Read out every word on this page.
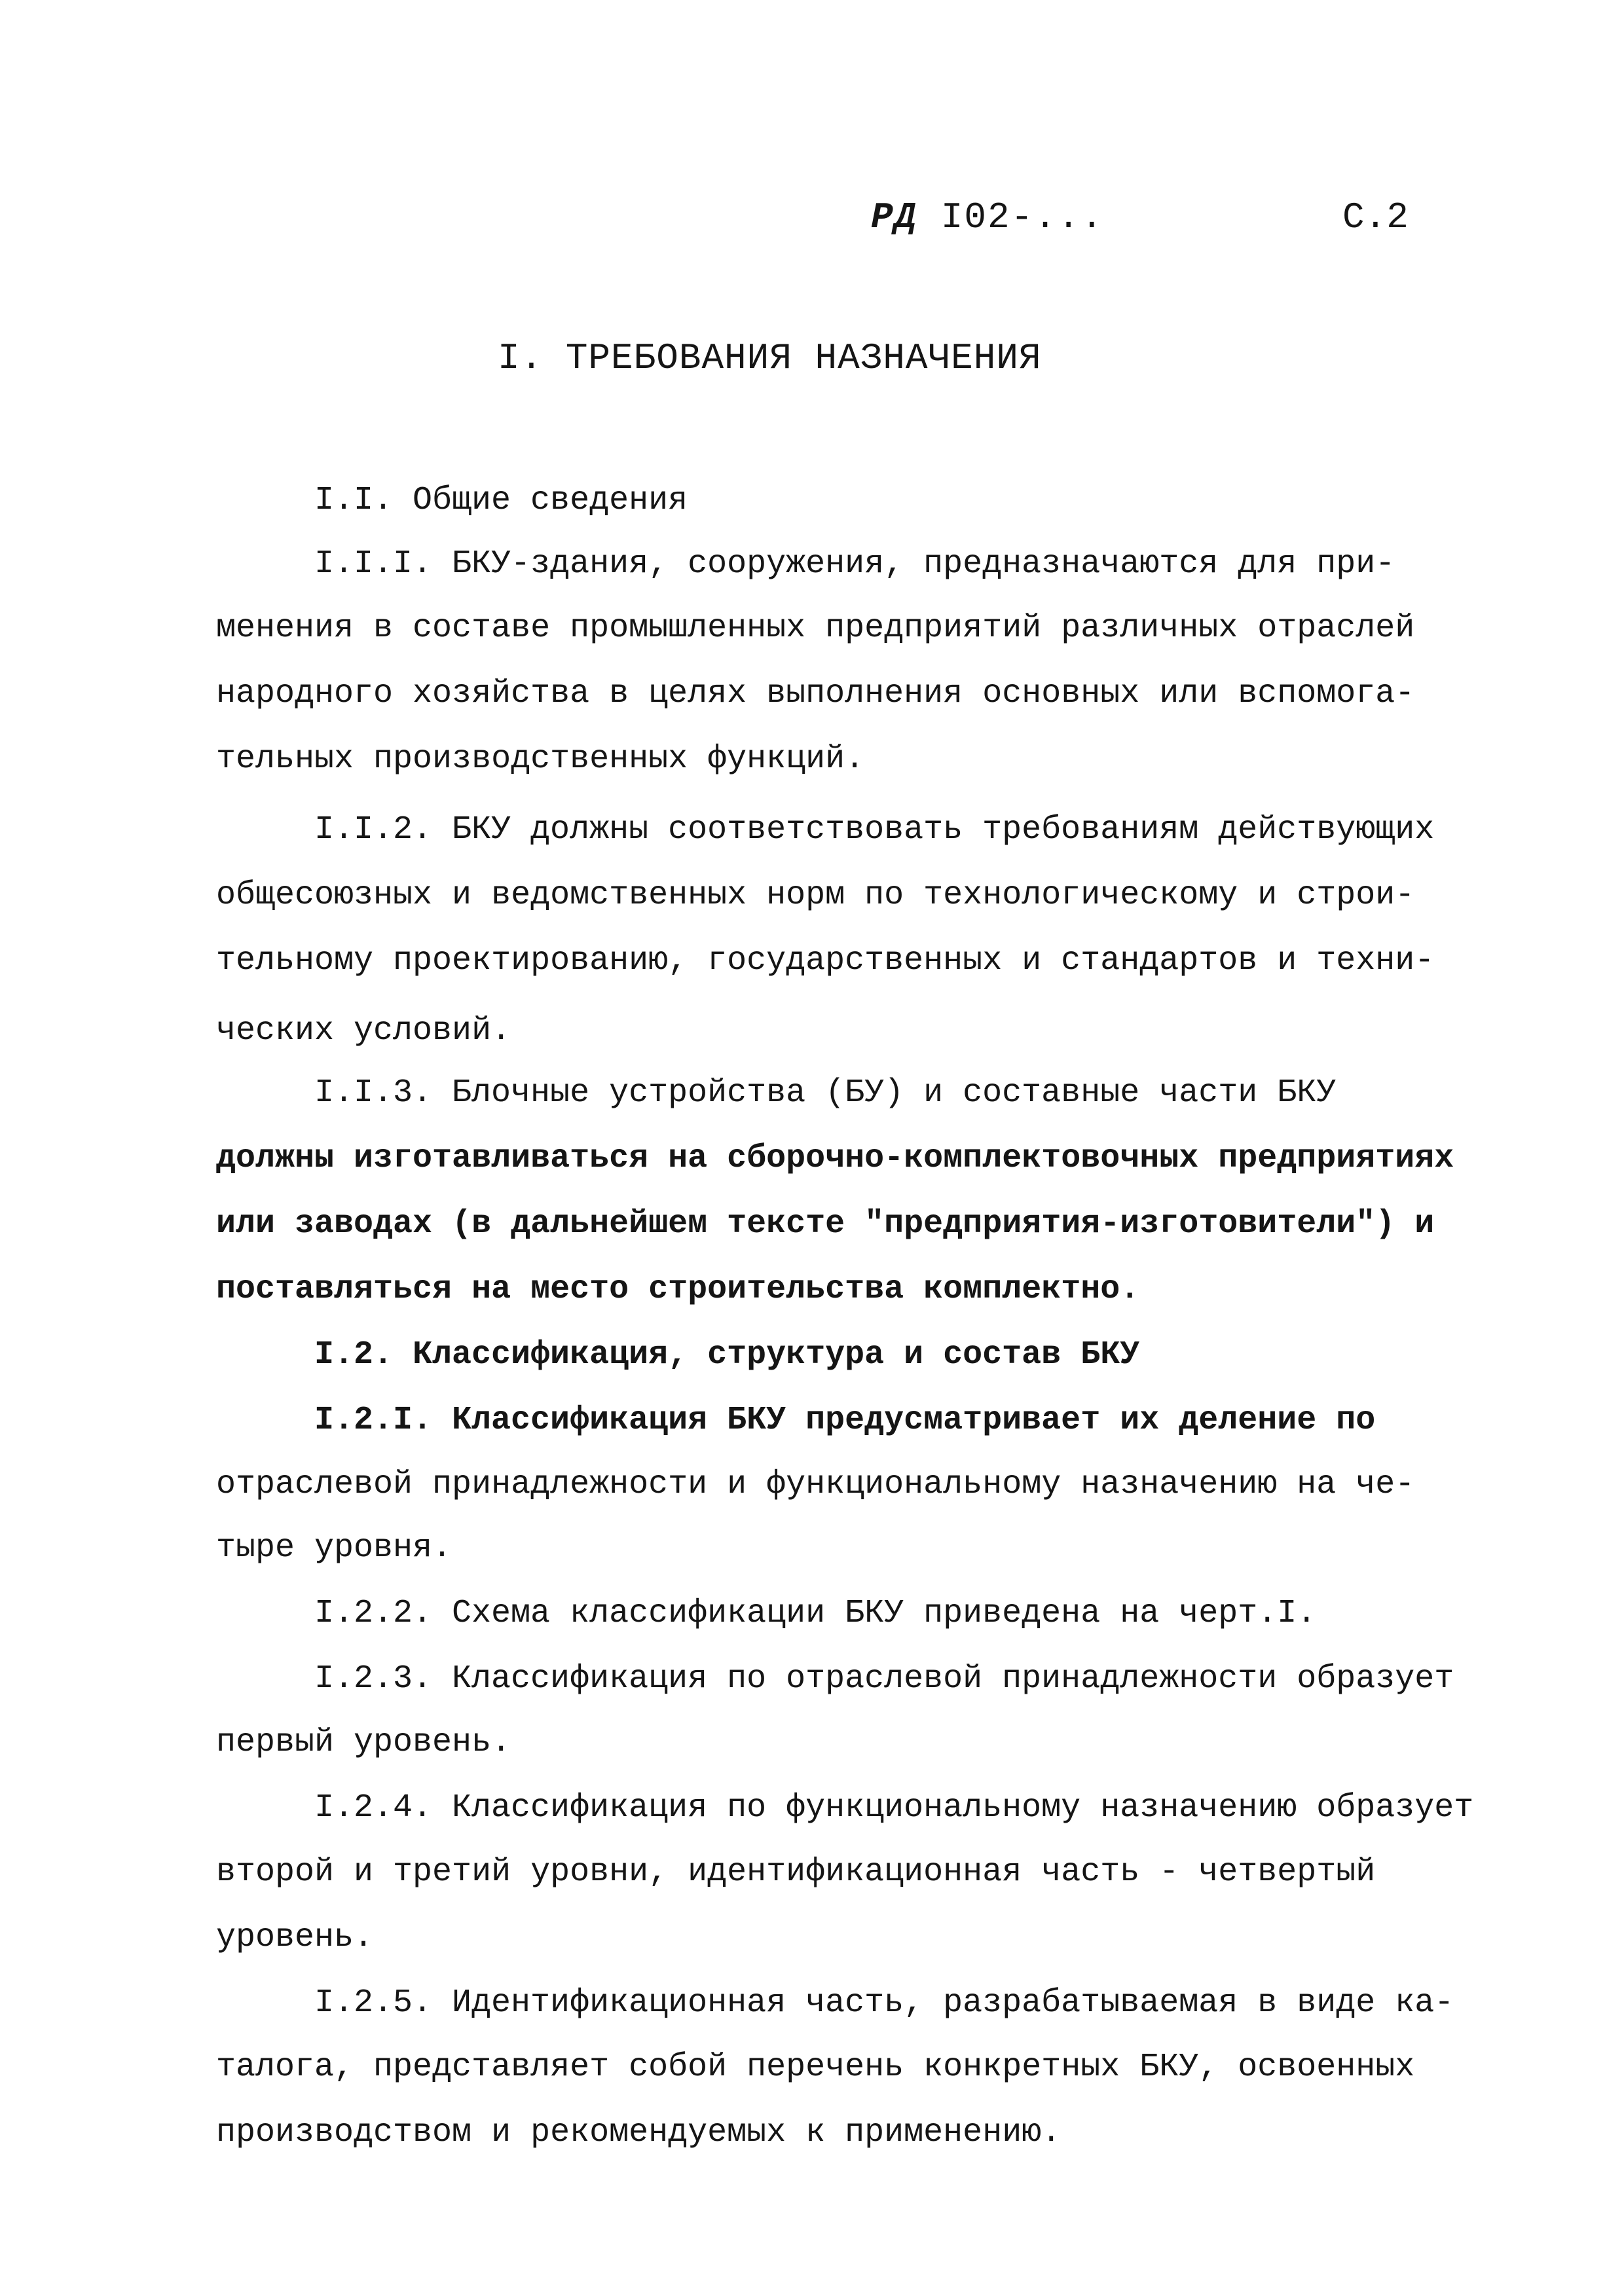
РД I02-...	С.2
I. ТРЕБОВАНИЯ НАЗНАЧЕНИЯ
I.I. Общие сведения
I.I.I. БКУ-здания, сооружения, предназначаются для при-
менения в составе промышленных предприятий различных отраслей
народного хозяйства в целях выполнения основных или вспомога-
тельных производственных функций.
I.I.2. БКУ должны соответствовать требованиям действующих
общесоюзных и ведомственных норм по технологическому и строи-
тельному проектированию, государственных и стандартов и техни-
ческих условий.
I.I.3. Блочные устройства (БУ) и составные части БКУ
должны изготавливаться на сборочно-комплектовочных предприятиях
или заводах (в дальнейшем тексте "предприятия-изготовители") и
поставляться на место строительства комплектно.
I.2. Классификация, структура и состав БКУ
I.2.I. Классификация БКУ предусматривает их деление по
отраслевой принадлежности и функциональному назначению на че-
тыре уровня.
I.2.2. Схема классификации БКУ приведена на черт.I.
I.2.3. Классификация по отраслевой принадлежности образует
первый уровень.
I.2.4. Классификация по функциональному назначению образует
второй и третий уровни, идентификационная часть - четвертый
уровень.
I.2.5. Идентификационная часть, разрабатываемая в виде ка-
талога, представляет собой перечень конкретных БКУ, освоенных
производством и рекомендуемых к применению.
